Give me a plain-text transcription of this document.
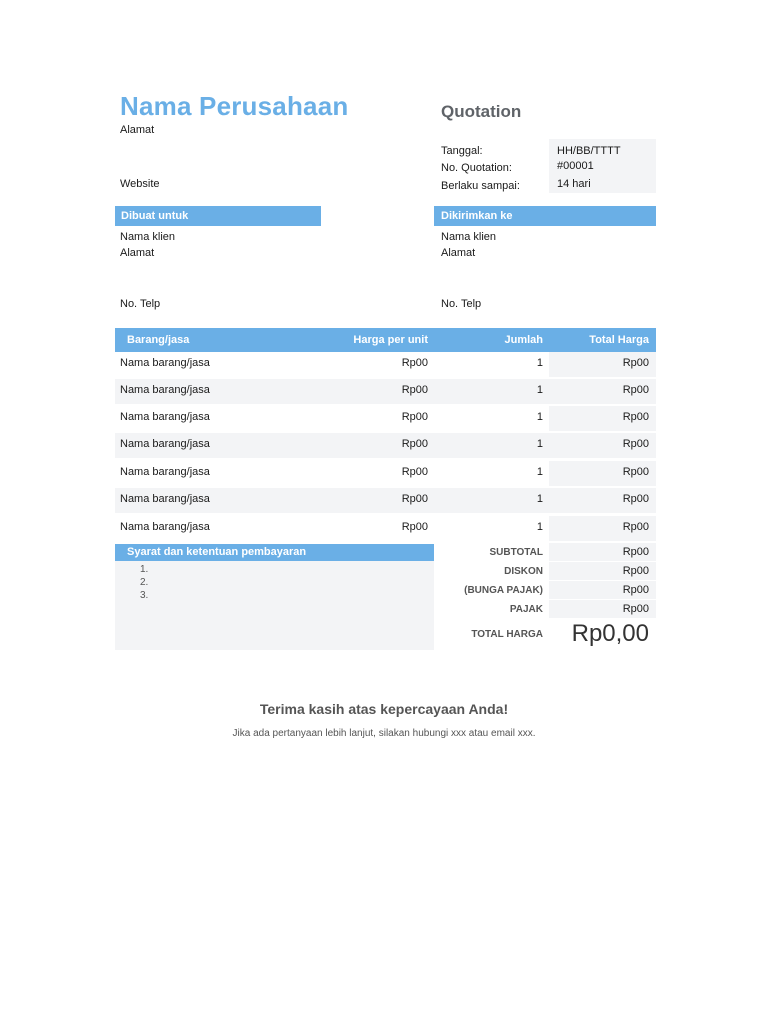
Nama Perusahaan
Alamat
Website
Quotation
Tanggal:	HH/BB/TTTT
No. Quotation:	#00001
Berlaku sampai:	14 hari
Dibuat untuk
Nama klien
Alamat
No. Telp
Dikirimkan ke
Nama klien
Alamat
No. Telp
Barang/jasa	Harga per unit	Jumlah	Total Harga
Nama barang/jasa	Rp00	1	Rp00
Nama barang/jasa	Rp00	1	Rp00
Nama barang/jasa	Rp00	1	Rp00
Nama barang/jasa	Rp00	1	Rp00
Nama barang/jasa	Rp00	1	Rp00
Nama barang/jasa	Rp00	1	Rp00
Nama barang/jasa	Rp00	1	Rp00
Syarat dan ketentuan pembayaran
1.
2.
3.
SUBTOTAL	Rp00
DISKON	Rp00
(BUNGA PAJAK)	Rp00
PAJAK	Rp00
TOTAL HARGA	Rp0,00
Terima kasih atas kepercayaan Anda!
Jika ada pertanyaan lebih lanjut, silakan hubungi xxx atau email xxx.
